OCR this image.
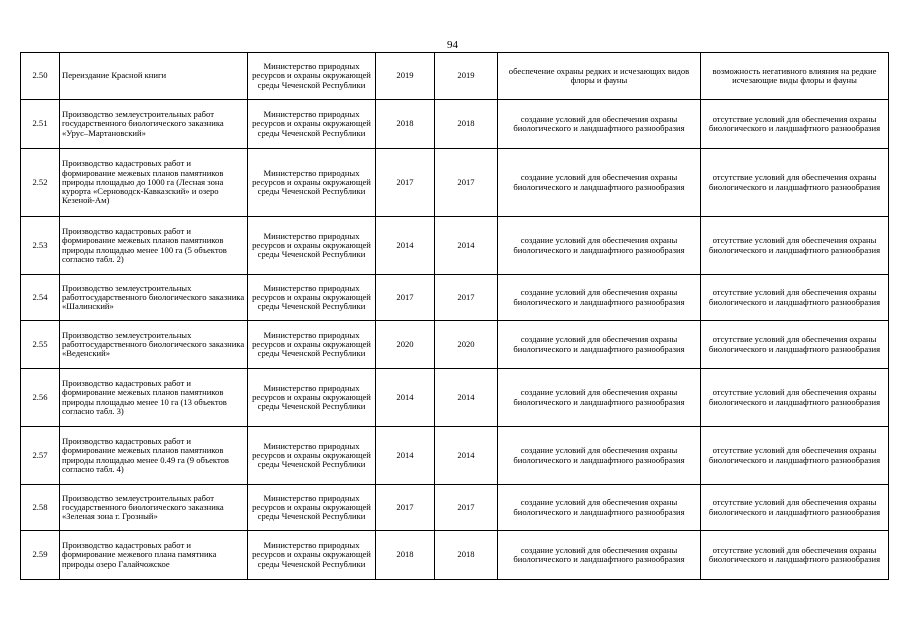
94
2.50	Переиздание Красной книги	Министерство природных ресурсов и охраны окружающей среды Чеченской Республики	2019	2019	обеспечение охраны редких и исчезающих видов флоры и фауны	возможность негативного влияния на редкие исчезающие виды флоры и фауны
2.51	Производство землеустроительных работ государственного биологического заказника «Урус–Мартановский»	Министерство природных ресурсов и охраны окружающей среды Чеченской Республики	2018	2018	создание условий для обеспечения охраны биологического и ландшафтного разнообразия	отсутствие условий для обеспечения охраны биологического и ландшафтного разнообразия
2.52	Производство кадастровых работ и формирование межевых планов памятников природы площадью до 1000 га (Лесная зона курорта «Серноводск-Кавказский» и озеро Кезеной-Ам)	Министерство природных ресурсов и охраны окружающей среды Чеченской Республики	2017	2017	создание условий для обеспечения охраны биологического и ландшафтного разнообразия	отсутствие условий для обеспечения охраны биологического и ландшафтного разнообразия
2.53	Производство кадастровых работ и формирование межевых планов памятников природы площадью менее 100 га (5 объектов согласно табл. 2)	Министерство природных ресурсов и охраны окружающей среды Чеченской Республики	2014	2014	создание условий для обеспечения охраны биологического и ландшафтного разнообразия	отсутствие условий для обеспечения охраны биологического и ландшафтного разнообразия
2.54	Производство землеустроительных работгосударственного биологического заказника «Шалинский»	Министерство природных ресурсов и охраны окружающей среды Чеченской Республики	2017	2017	создание условий для обеспечения охраны биологического и ландшафтного разнообразия	отсутствие условий для обеспечения охраны биологического и ландшафтного разнообразия
2.55	Производство землеустроительных работгосударственного биологического заказника «Веденский»	Министерство природных ресурсов и охраны окружающей среды Чеченской Республики	2020	2020	создание условий для обеспечения охраны биологического и ландшафтного разнообразия	отсутствие условий для обеспечения охраны биологического и ландшафтного разнообразия
2.56	Производство кадастровых работ и формирование межевых планов памятников природы площадью менее 10 га (13 объектов согласно табл. 3)	Министерство природных ресурсов и охраны окружающей среды Чеченской Республики	2014	2014	создание условий для обеспечения охраны биологического и ландшафтного разнообразия	отсутствие условий для обеспечения охраны биологического и ландшафтного разнообразия
2.57	Производство кадастровых работ и формирование межевых планов памятников природы площадью менее 0.49 га (9 объектов согласно табл. 4)	Министерство природных ресурсов и охраны окружающей среды Чеченской Республики	2014	2014	создание условий для обеспечения охраны биологического и ландшафтного разнообразия	отсутствие условий для обеспечения охраны биологического и ландшафтного разнообразия
2.58	Производство землеустроительных работ государственного биологического заказника «Зеленая зона г. Грозный»	Министерство природных ресурсов и охраны окружающей среды Чеченской Республики	2017	2017	создание условий для обеспечения охраны биологического и ландшафтного разнообразия	отсутствие условий для обеспечения охраны биологического и ландшафтного разнообразия
2.59	Производство кадастровых работ и формирование межевого плана памятника природы озеро Галайчожское	Министерство природных ресурсов и охраны окружающей среды Чеченской Республики	2018	2018	создание условий для обеспечения охраны биологического и ландшафтного разнообразия	отсутствие условий для обеспечения охраны биологического и ландшафтного разнообразия
